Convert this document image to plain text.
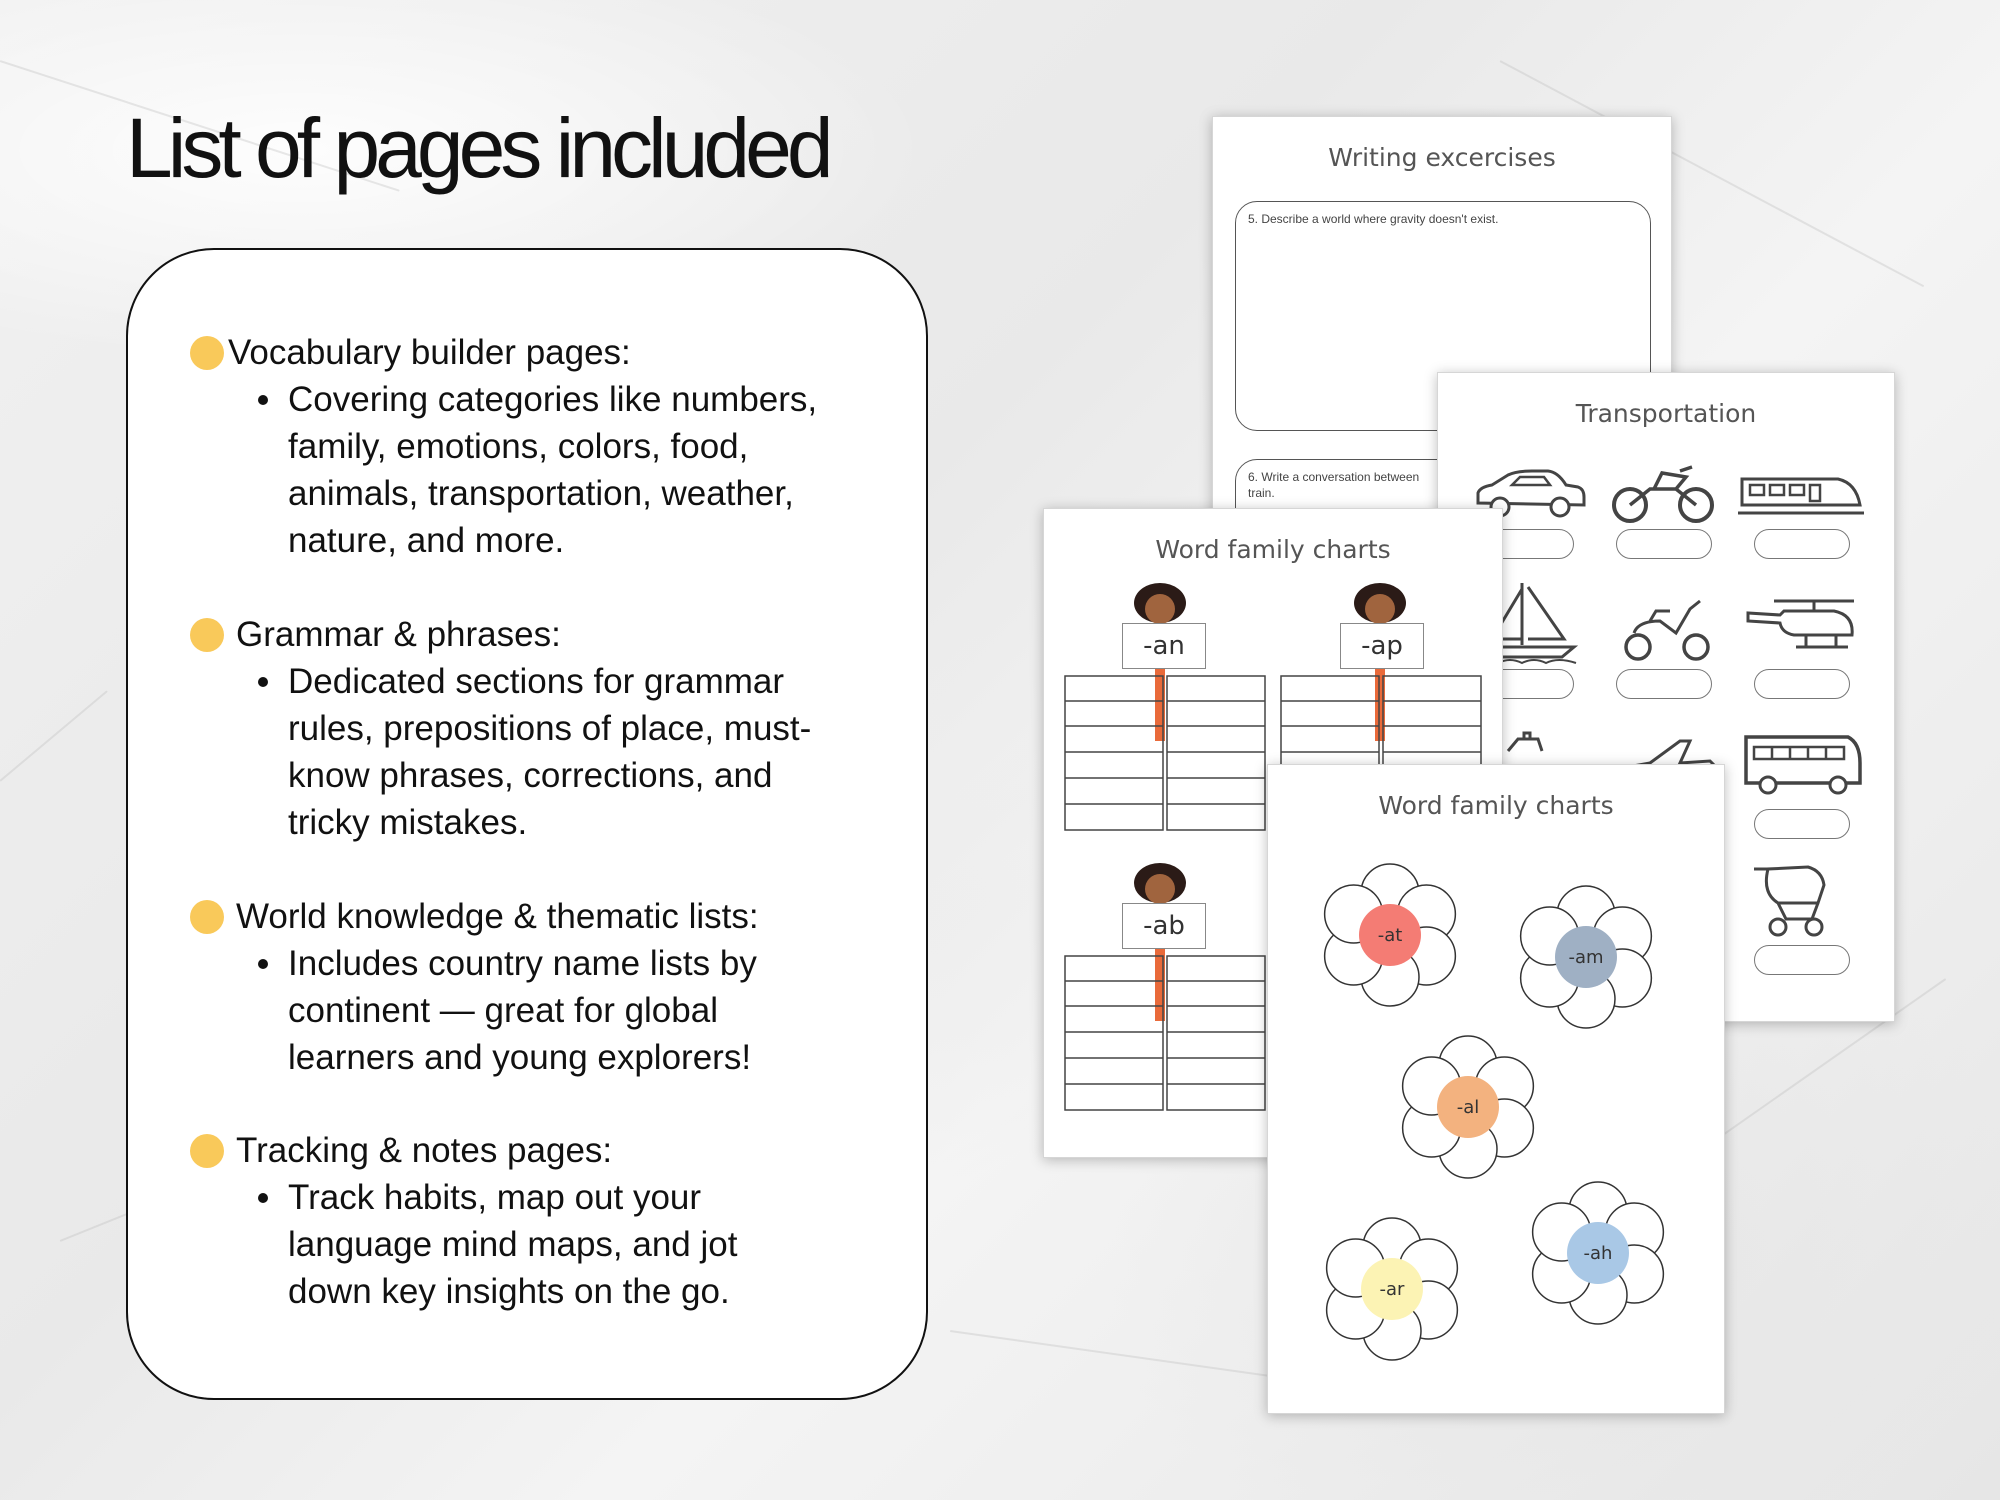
List of pages included
Vocabulary builder pages:
Covering categories like numbers,
family, emotions, colors, food,
animals, transportation, weather,
nature, and more.
Grammar & phrases:
Dedicated sections for grammar
rules, prepositions of place, must-
know phrases, corrections, and
tricky mistakes.
World knowledge & thematic lists:
Includes country name lists by
continent — great for global
learners and young explorers!
Tracking & notes pages:
Track habits, map out your
language mind maps, and jot
down key insights on the go.
Writing excercises
5. Describe a world where gravity doesn't exist.
6. Write a conversation between
train.
Transportation
Word family charts
-an	-ap
-ab
Word family charts
-at
-am
-al
-ar
-ah
